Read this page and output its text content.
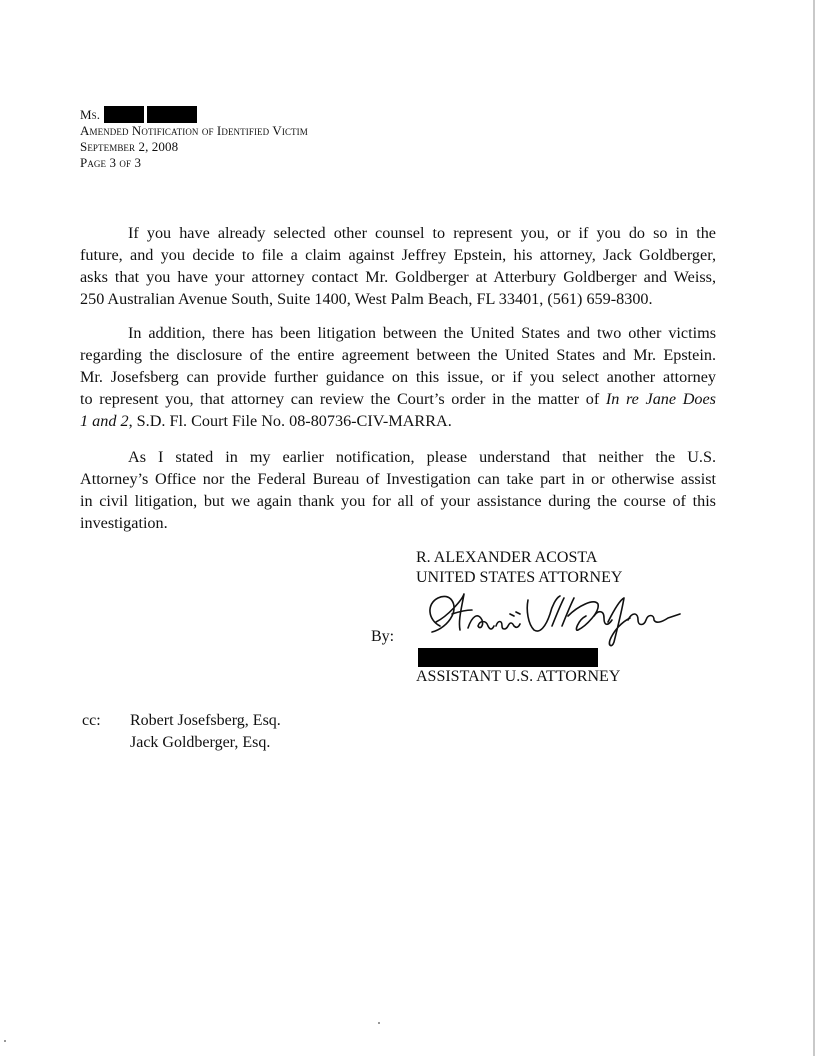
Ms.
Amended Notification of Identified Victim
September 2, 2008
Page 3 of 3

If you have already selected other counsel to represent you, or if you do so in the

future, and you decide to file a claim against Jeffrey Epstein, his attorney, Jack Goldberger,
asks that you have your attorney contact Mr. Goldberger at Atterbury Goldberger and Weiss,
250 Australian Avenue South, Suite 1400, West Palm Beach, FL 33401, (561) 659-8300.

In addition, there has been litigation between the United States and two other victims

regarding the disclosure of the entire agreement between the United States and Mr. Epstein.
Mr. Josefsberg can provide further guidance on this issue, or if you select another attorney
to represent you, that attorney can review the Court’s order in the matter of In re Jane Does
1 and 2, S.D. Fl. Court File No. 08-80736-CIV-MARRA.

As I stated in my earlier notification, please understand that neither the U.S.

Attorney’s Office nor the Federal Bureau of Investigation can take part in or otherwise assist
in civil litigation, but we again thank you for all of your assistance during the course of this
investigation.

R. ALEXANDER ACOSTA
UNITED STATES ATTORNEY
By:
ASSISTANT U.S. ATTORNEY
cc: Robert Josefsberg, Esq.
Jack Goldberger, Esq.
